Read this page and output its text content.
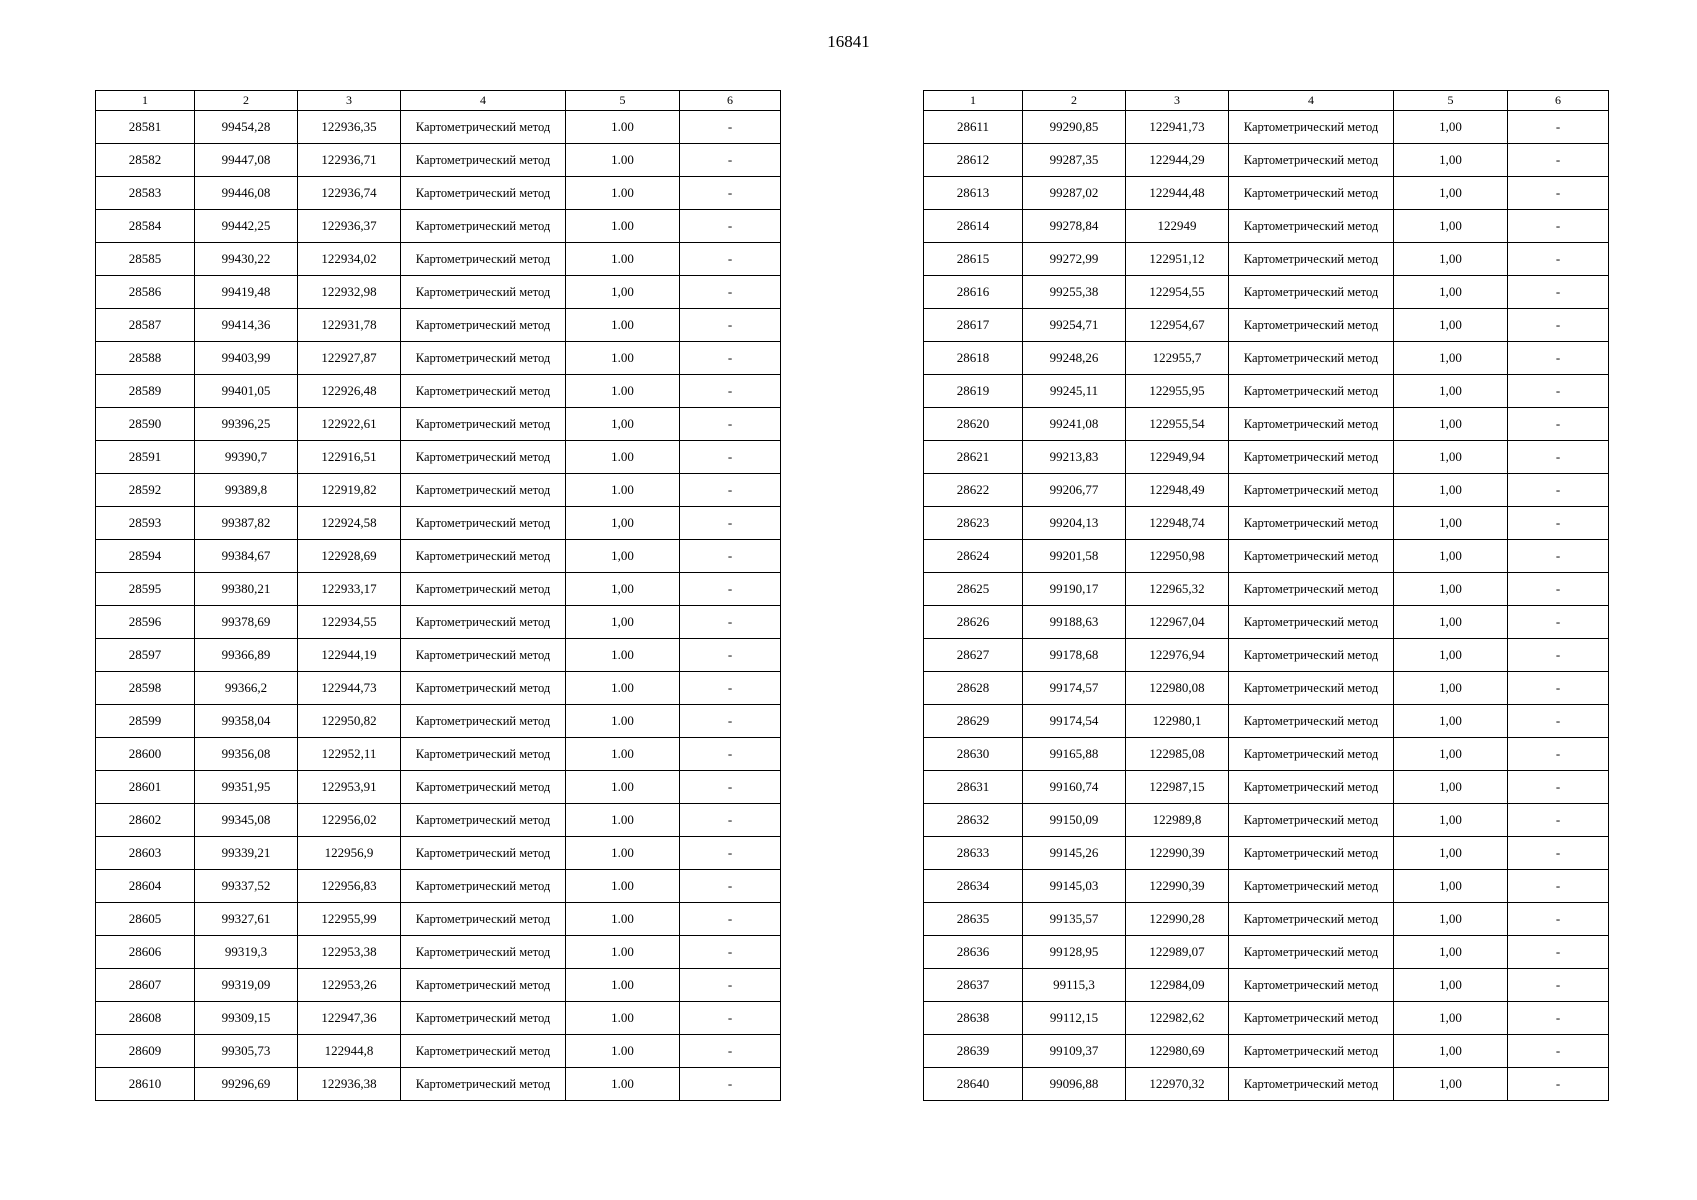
16841
1	2	3	4	5	6
28581	99454,28	122936,35	Картометрический метод	1.00	-
28582	99447,08	122936,71	Картометрический метод	1.00	-
28583	99446,08	122936,74	Картометрический метод	1.00	-
28584	99442,25	122936,37	Картометрический метод	1.00	-
28585	99430,22	122934,02	Картометрический метод	1.00	-
28586	99419,48	122932,98	Картометрический метод	1,00	-
28587	99414,36	122931,78	Картометрический метод	1.00	-
28588	99403,99	122927,87	Картометрический метод	1.00	-
28589	99401,05	122926,48	Картометрический метод	1.00	-
28590	99396,25	122922,61	Картометрический метод	1,00	-
28591	99390,7	122916,51	Картометрический метод	1.00	-
28592	99389,8	122919,82	Картометрический метод	1.00	-
28593	99387,82	122924,58	Картометрический метод	1,00	-
28594	99384,67	122928,69	Картометрический метод	1,00	-
28595	99380,21	122933,17	Картометрический метод	1,00	-
28596	99378,69	122934,55	Картометрический метод	1,00	-
28597	99366,89	122944,19	Картометрический метод	1.00	-
28598	99366,2	122944,73	Картометрический метод	1.00	-
28599	99358,04	122950,82	Картометрический метод	1.00	-
28600	99356,08	122952,11	Картометрический метод	1.00	-
28601	99351,95	122953,91	Картометрический метод	1.00	-
28602	99345,08	122956,02	Картометрический метод	1.00	-
28603	99339,21	122956,9	Картометрический метод	1.00	-
28604	99337,52	122956,83	Картометрический метод	1.00	-
28605	99327,61	122955,99	Картометрический метод	1.00	-
28606	99319,3	122953,38	Картометрический метод	1.00	-
28607	99319,09	122953,26	Картометрический метод	1.00	-
28608	99309,15	122947,36	Картометрический метод	1.00	-
28609	99305,73	122944,8	Картометрический метод	1.00	-
28610	99296,69	122936,38	Картометрический метод	1.00	-
1	2	3	4	5	6
28611	99290,85	122941,73	Картометрический метод	1,00	-
28612	99287,35	122944,29	Картометрический метод	1,00	-
28613	99287,02	122944,48	Картометрический метод	1,00	-
28614	99278,84	122949	Картометрический метод	1,00	-
28615	99272,99	122951,12	Картометрический метод	1,00	-
28616	99255,38	122954,55	Картометрический метод	1,00	-
28617	99254,71	122954,67	Картометрический метод	1,00	-
28618	99248,26	122955,7	Картометрический метод	1,00	-
28619	99245,11	122955,95	Картометрический метод	1,00	-
28620	99241,08	122955,54	Картометрический метод	1,00	-
28621	99213,83	122949,94	Картометрический метод	1,00	-
28622	99206,77	122948,49	Картометрический метод	1,00	-
28623	99204,13	122948,74	Картометрический метод	1,00	-
28624	99201,58	122950,98	Картометрический метод	1,00	-
28625	99190,17	122965,32	Картометрический метод	1,00	-
28626	99188,63	122967,04	Картометрический метод	1,00	-
28627	99178,68	122976,94	Картометрический метод	1,00	-
28628	99174,57	122980,08	Картометрический метод	1,00	-
28629	99174,54	122980,1	Картометрический метод	1,00	-
28630	99165,88	122985,08	Картометрический метод	1,00	-
28631	99160,74	122987,15	Картометрический метод	1,00	-
28632	99150,09	122989,8	Картометрический метод	1,00	-
28633	99145,26	122990,39	Картометрический метод	1,00	-
28634	99145,03	122990,39	Картометрический метод	1,00	-
28635	99135,57	122990,28	Картометрический метод	1,00	-
28636	99128,95	122989,07	Картометрический метод	1,00	-
28637	99115,3	122984,09	Картометрический метод	1,00	-
28638	99112,15	122982,62	Картометрический метод	1,00	-
28639	99109,37	122980,69	Картометрический метод	1,00	-
28640	99096,88	122970,32	Картометрический метод	1,00	-
